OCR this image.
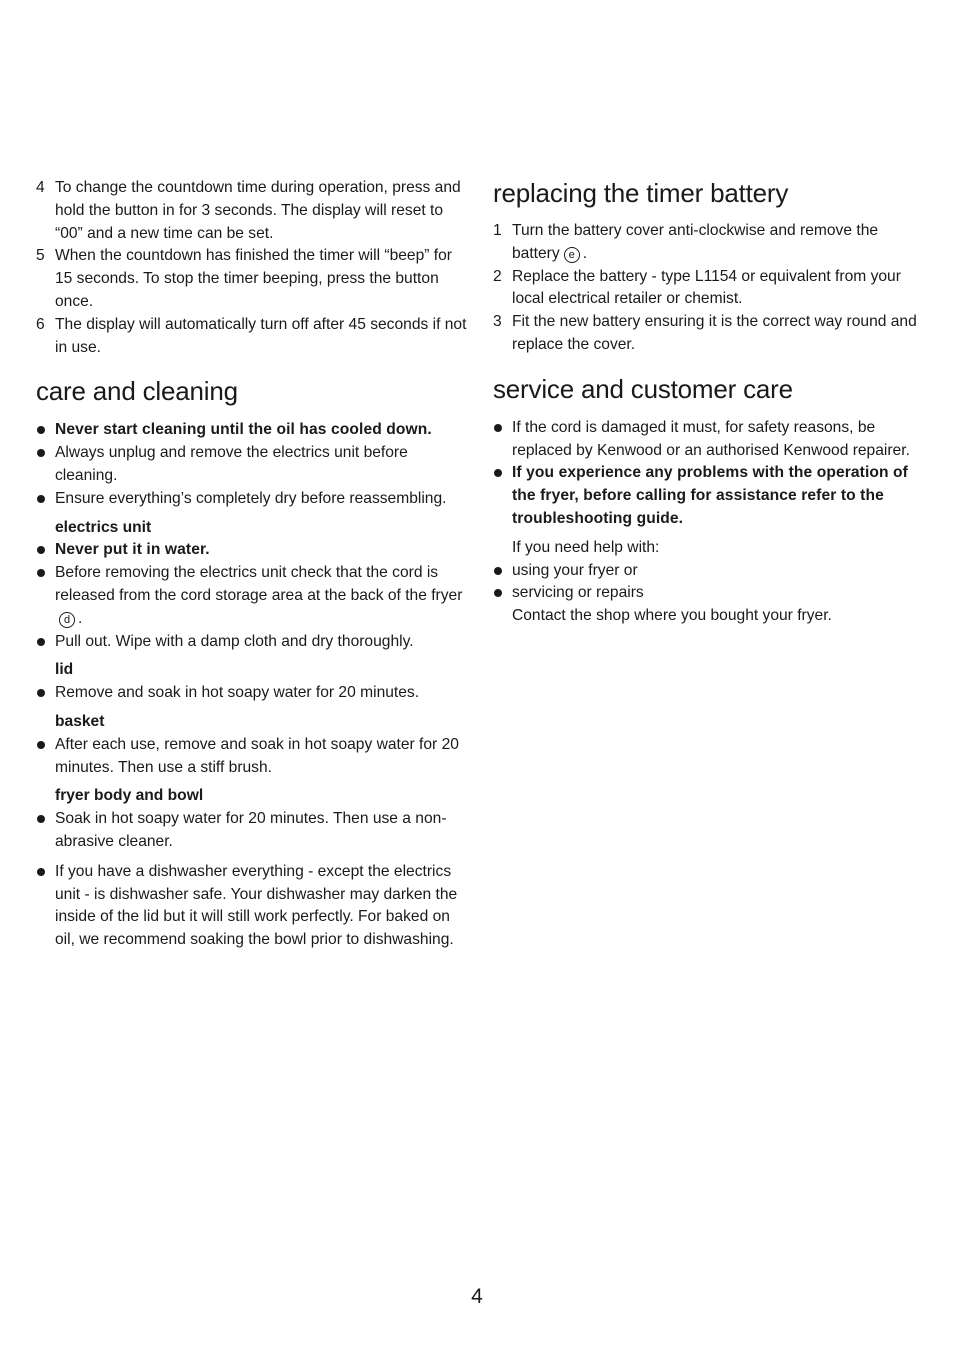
4 To change the countdown time during operation, press and hold the button in for 3 seconds. The display will reset to “00” and a new time can be set.
5 When the countdown has finished the timer will “beep” for 15 seconds. To stop the timer beeping, press the button once.
6 The display will automatically turn off after 45 seconds if not in use.
care and cleaning
Never start cleaning until the oil has cooled down.
Always unplug and remove the electrics unit before cleaning.
Ensure everything’s completely dry before reassembling.
electrics unit
Never put it in water.
Before removing the electrics unit check that the cord is released from the cord storage area at the back of the fryerd .
Pull out. Wipe with a damp cloth and dry thoroughly.
lid
Remove and soak in hot soapy water for 20 minutes.
basket
After each use, remove and soak in hot soapy water for 20 minutes. Then use a stiff brush.
fryer body and bowl
Soak in hot soapy water for 20 minutes. Then use a non-abrasive cleaner.
If you have a dishwasher everything - except the electrics unit - is dishwasher safe. Your dishwasher may darken the inside of the lid but it will still work perfectly. For baked on oil, we recommend soaking the bowl prior to dishwashing.
replacing the timer battery
1 Turn the battery cover anti-clockwise and remove the battery e .
2 Replace the battery - type L1154 or equivalent from your local electrical retailer or chemist.
3 Fit the new battery ensuring it is the correct way round and replace the cover.
service and customer care
If the cord is damaged it must, for safety reasons, be replaced by Kenwood or an authorised Kenwood repairer.
If you experience any problems with the operation of the fryer, before calling for assistance refer to the troubleshooting guide.
If you need help with:
using your fryer or
servicing or repairs
Contact the shop where you bought your fryer.
4
